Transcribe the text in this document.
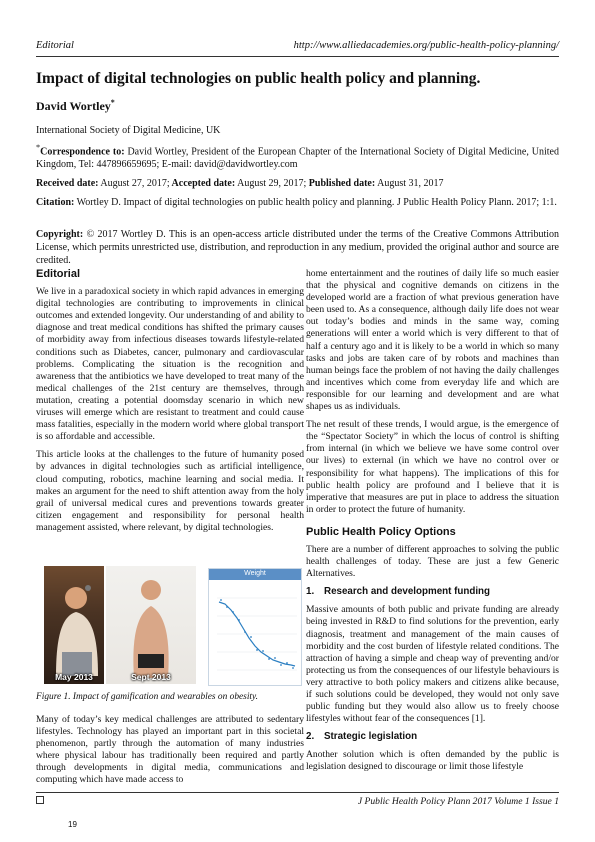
Editorial	http://www.alliedacademies.org/public-health-policy-planning/
Impact of digital technologies on public health policy and planning.
David Wortley*
International Society of Digital Medicine, UK
*Correspondence to: David Wortley, President of the European Chapter of the International Society of Digital Medicine, United Kingdom, Tel: 447896659695; E-mail: david@davidwortley.com
Received date: August 27, 2017; Accepted date: August 29, 2017; Published date: August 31, 2017
Citation: Wortley D. Impact of digital technologies on public health policy and planning. J Public Health Policy Plann. 2017; 1:1.
Copyright: © 2017 Wortley D. This is an open-access article distributed under the terms of the Creative Commons Attribution License, which permits unrestricted use, distribution, and reproduction in any medium, provided the original author and source are credited.
Editorial

We live in a paradoxical society in which rapid advances in emerging digital technologies are contributing to improvements in clinical outcomes and extended longevity. Our understanding of and ability to diagnose and treat medical conditions has shifted the primary causes of morbidity away from infectious diseases towards lifestyle-related conditions such as Diabetes, cancer, pulmonary and cardiovascular problems. Complicating the situation is the recognition and awareness that the antibiotics we have developed to treat many of the medical challenges of the 21st century are themselves, through mutation, creating a potential doomsday scenario in which new viruses will emerge which are resistant to treatment and could cause mass fatalities, especially in the modern world where global transport is so affordable and accessible.

This article looks at the challenges to the future of humanity posed by advances in digital technologies such as artificial intelligence, cloud computing, robotics, machine learning and social media. It makes an argument for the need to shift attention away from the holy grail of universal medical cures and preventions towards greater citizen engagement and responsibility for personal health management assisted, where relevant, by digital technologies.

May 2013	Sept 2013
Weight
Figure 1. Impact of gamification and wearables on obesity.

Many of today’s key medical challenges are attributed to sedentary lifestyles. Technology has played an important part in this societal phenomenon, partly through the automation of many industries where physical labour has traditionally been required and partly through developments in digital media, communications and computing which have made access to

home entertainment and the routines of daily life so much easier that the physical and cognitive demands on citizens in the developed world are a fraction of what previous generation have been used to. As a consequence, although daily life does not wear out today’s bodies and minds in the same way, coming generations will enter a world which is very different to that of half a century ago and it is likely to be a world in which so many tasks and jobs are taken care of by robots and machines than human beings face the problem of not having the daily challenges and incentives which come from everyday life and which are responsible for our learning and development and are what shapes us as individuals.

The net result of these trends, I would argue, is the emergence of the “Spectator Society” in which the locus of control is shifting from internal (in which we believe we have some control over our lives) to external (in which we have no control over or responsibility for what happens). The implications of this for public health policy are profound and I believe that it is imperative that measures are put in place to address the situation in order to protect the future of humanity.

Public Health Policy Options

There are a number of different approaches to solving the public health challenges of today. These are just a few Generic Alternatives.

1. Research and development funding

Massive amounts of both public and private funding are already being invested in R&D to find solutions for the prevention, early diagnosis, treatment and management of the main causes of morbidity and the cost burden of lifestyle related conditions. The attraction of having a simple and cheap way of preventing and/or protecting us from the consequences of our lifestyle behaviours is very attractive to both policy makers and citizens alike because, if such solutions could be developed, they would not only save public funding but they would also allow us to freely choose lifestyles without fear of the consequences [1].

2. Strategic legislation

Another solution which is often demanded by the public is legislation designed to discourage or limit those lifestyle

J Public Health Policy Plann 2017 Volume 1 Issue 1
19
